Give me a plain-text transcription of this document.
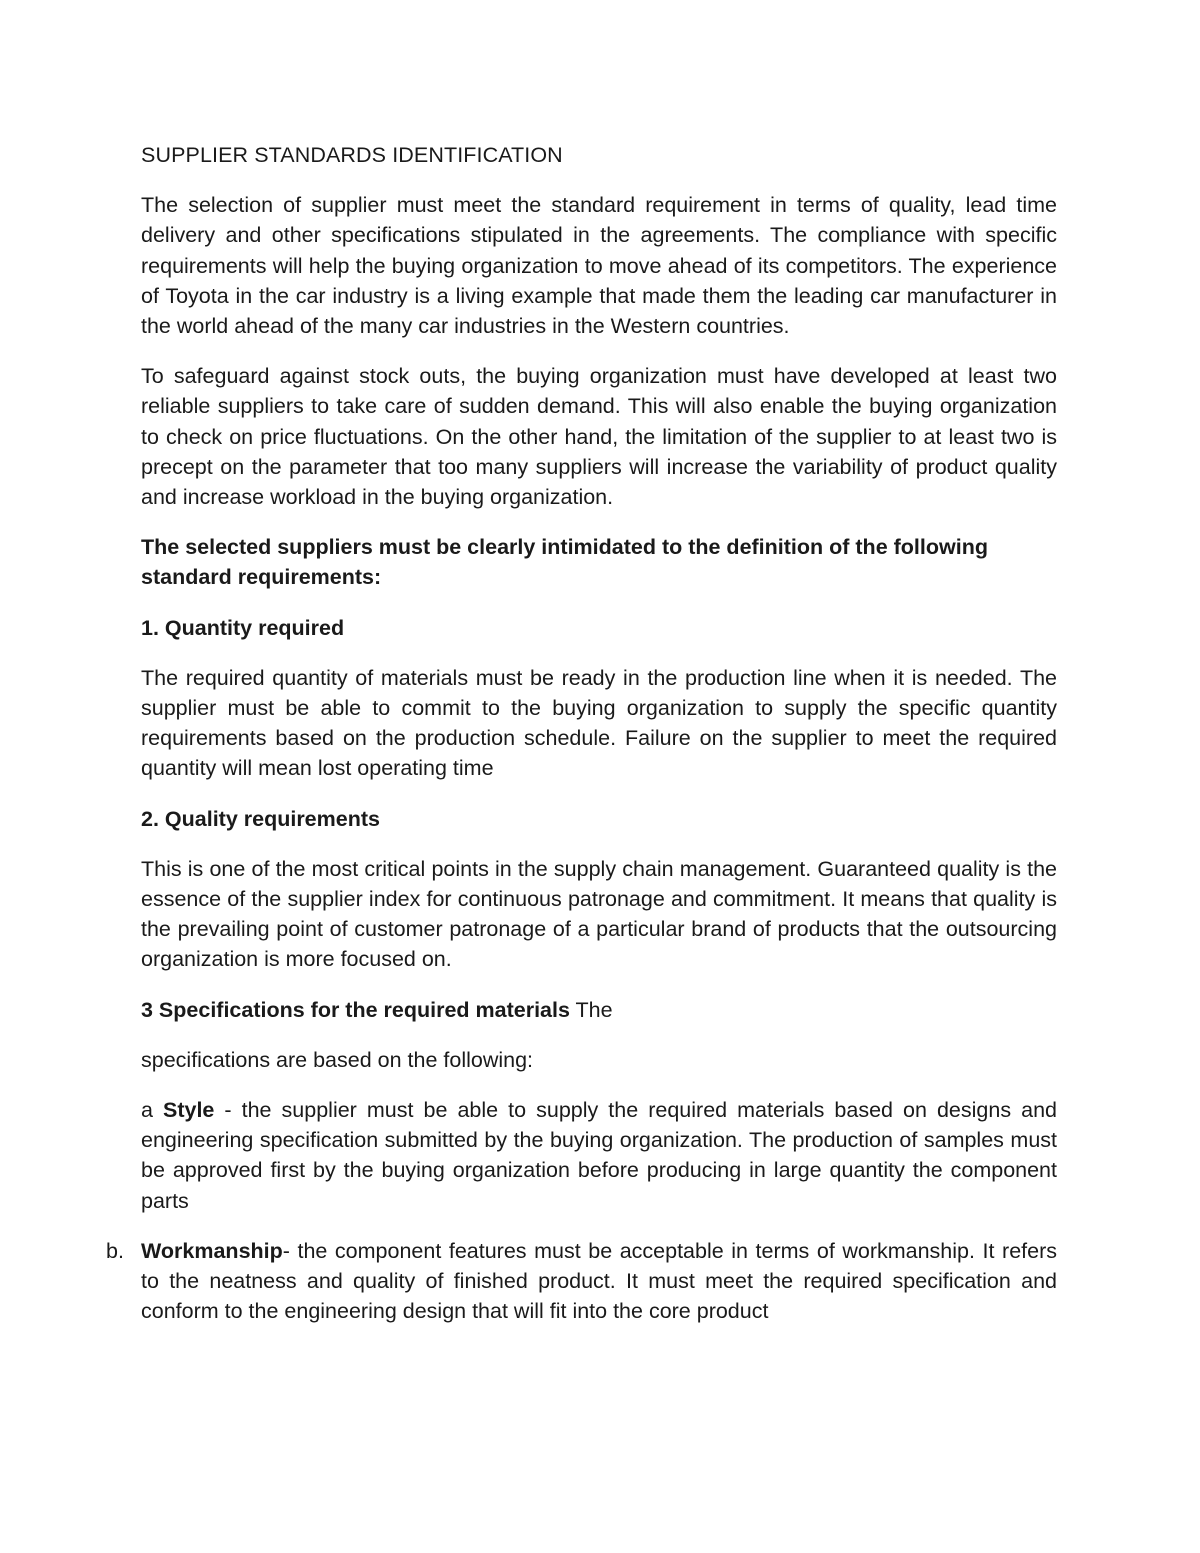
SUPPLIER STANDARDS IDENTIFICATION

The selection of supplier must meet the standard requirement in terms of quality, lead time delivery and other specifications stipulated in the agreements. The compliance with specific requirements will help the buying organization to move ahead of its competitors. The experience of Toyota in the car industry is a living example that made them the leading car manufacturer in the world ahead of the many car industries in the Western countries.

To safeguard against stock outs, the buying organization must have developed at least two reliable suppliers to take care of sudden demand. This will also enable the buying organization to check on price fluctuations. On the other hand, the limitation of the supplier to at least two is precept on the parameter that too many suppliers will increase the variability of product quality and increase workload in the buying organization.

The selected suppliers must be clearly intimidated to the definition of the following standard requirements:

1. Quantity required

The required quantity of materials must be ready in the production line when it is needed. The supplier must be able to commit to the buying organization to supply the specific quantity requirements based on the production schedule. Failure on the supplier to meet the required quantity will mean lost operating time

2. Quality requirements

This is one of the most critical points in the supply chain management. Guaranteed quality is the essence of the supplier index for continuous patronage and commitment. It means that quality is the prevailing point of customer patronage of a particular brand of products that the outsourcing organization is more focused on.

3 Specifications for the required materials The

specifications are based on the following:

a Style - the supplier must be able to supply the required materials based on designs and engineering specification submitted by the buying organization. The production of samples must be approved first by the buying organization before producing in large quantity the component parts

b. Workmanship- the component features must be acceptable in terms of workmanship. It refers to the neatness and quality of finished product. It must meet the required specification and conform to the engineering design that will fit into the core product
